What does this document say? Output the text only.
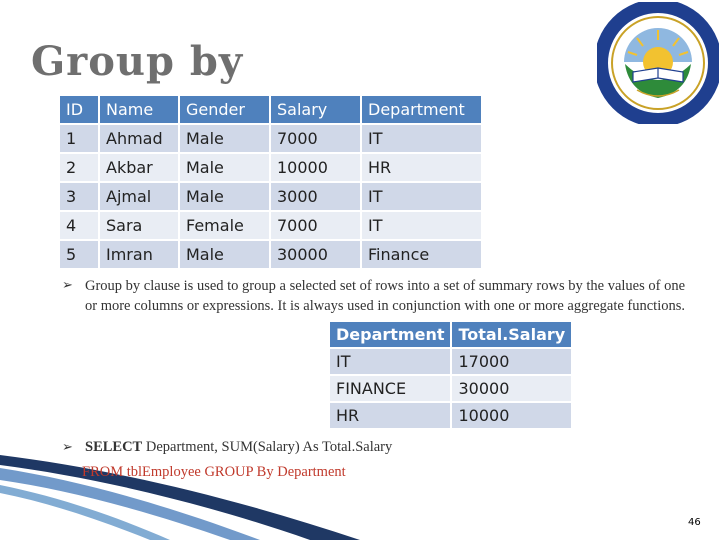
Group by
ID	Name	Gender	Salary	Department
1	Ahmad	Male	7000	IT
2	Akbar	Male	10000	HR
3	Ajmal	Male	3000	IT
4	Sara	Female	7000	IT
5	Imran	Male	30000	Finance
➢ Group by clause is used to group a selected set of rows into a set of summary rows by the values of one or more columns or expressions. It is always used in conjunction with one or more aggregate functions.
Department	Total.Salary
IT	17000
FINANCE	30000
HR	10000
➢ SELECT Department, SUM(Salary) As Total.Salary
FROM tblEmployee GROUP By Department
46
